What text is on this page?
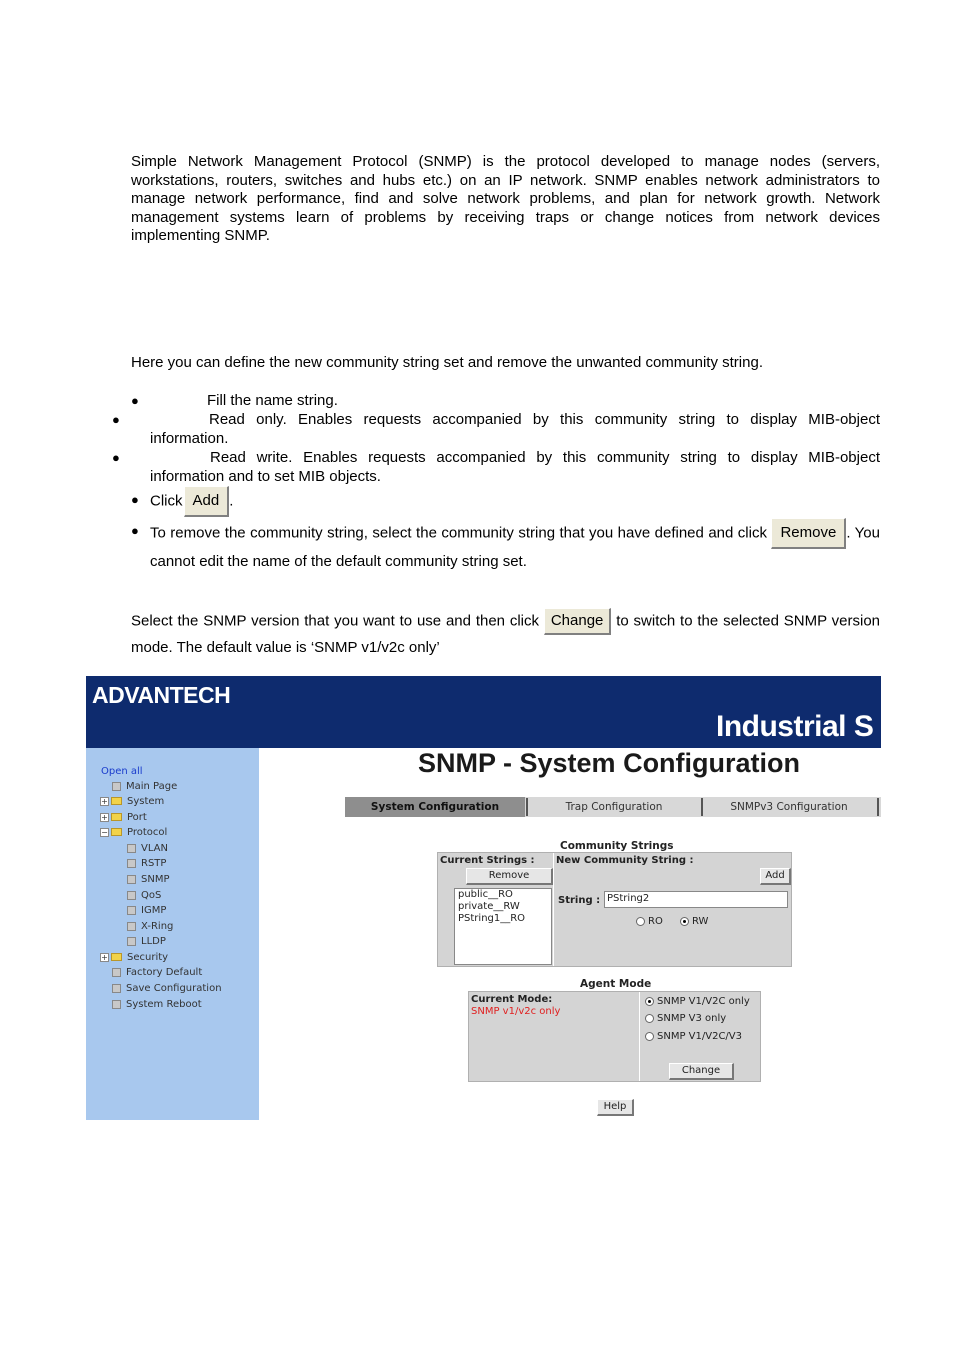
Simple Network Management Protocol (SNMP) is the protocol developed to manage nodes (servers, workstations, routers, switches and hubs etc.) on an IP network. SNMP enables network administrators to manage network performance, find and solve network problems, and plan for network growth. Network management systems learn of problems by receiving traps or change notices from network devices implementing SNMP.
Here you can define the new community string set and remove the unwanted community string.
●	Fill the name string.
●	Read only. Enables requests accompanied by this community string to display MIB-object information.
●	Read write. Enables requests accompanied by this community string to display MIB-object information and to set MIB objects.
● Click Add .
● To remove the community string, select the community string that you have defined and click Remove . You cannot edit the name of the default community string set.
Select the SNMP version that you want to use and then click Change to switch to the selected SNMP version mode. The default value is ‘SNMP v1/v2c only’
ADVANTECH
Industrial S
Open all
Main Page
+ System
+ Port
− Protocol
VLAN
RSTP
SNMP
QoS
IGMP
X-Ring
LLDP
+ Security
Factory Default
Save Configuration
System Reboot
SNMP - System Configuration
System Configuration	Trap Configuration	SNMPv3 Configuration
Community Strings
Current Strings : New Community String :
Remove	Add
public__RO
private__RW
PString1__RO
String : PString2
RO	RW
Agent Mode
Current Mode:
SNMP v1/v2c only
SNMP V1/V2C only
SNMP V3 only
SNMP V1/V2C/V3
Change
Help
